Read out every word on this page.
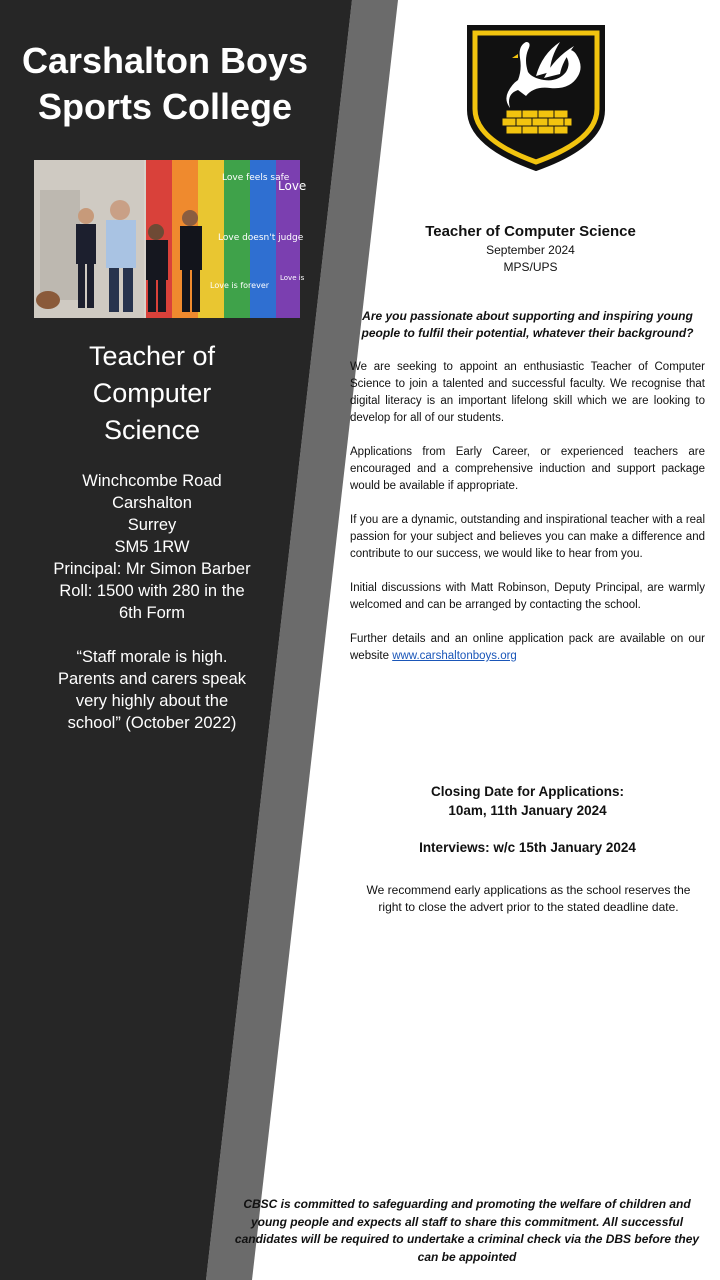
Carshalton Boys
Sports College
Love feels safe
Love
Love doesn't judge
Love is forever
Love is
Teacher of
Computer
Science
Winchcombe Road
Carshalton
Surrey
SM5 1RW
Principal: Mr Simon Barber
Roll: 1500 with 280 in the
6th Form
“Staff morale is high.
Parents and carers speak
very highly about the
school” (October 2022)
Teacher of Computer Science
September 2024
MPS/UPS
Are you passionate about supporting and inspiring young people to fulfil their potential, whatever their background?
We are seeking to appoint an enthusiastic Teacher of Computer Science to join a talented and successful faculty. We recognise that digital literacy is an important lifelong skill which we are looking to develop for all of our students.
Applications from Early Career, or experienced teachers are encouraged and a comprehensive induction and support package would be available if appropriate.
If you are a dynamic, outstanding and inspirational teacher with a real passion for your subject and believes you can make a difference and contribute to our success, we would like to hear from you.
Initial discussions with Matt Robinson, Deputy Principal, are warmly welcomed and can be arranged by contacting the school.
Further details and an online application pack are available on our website www.carshaltonboys.org
Closing Date for Applications:
10am, 11th January 2024
Interviews: w/c 15th January 2024
We recommend early applications as the school reserves the right to close the advert prior to the stated deadline date.
CBSC is committed to safeguarding and promoting the welfare of children and young people and expects all staff to share this commitment. All successful candidates will be required to undertake a criminal check via the DBS before they can be appointed
